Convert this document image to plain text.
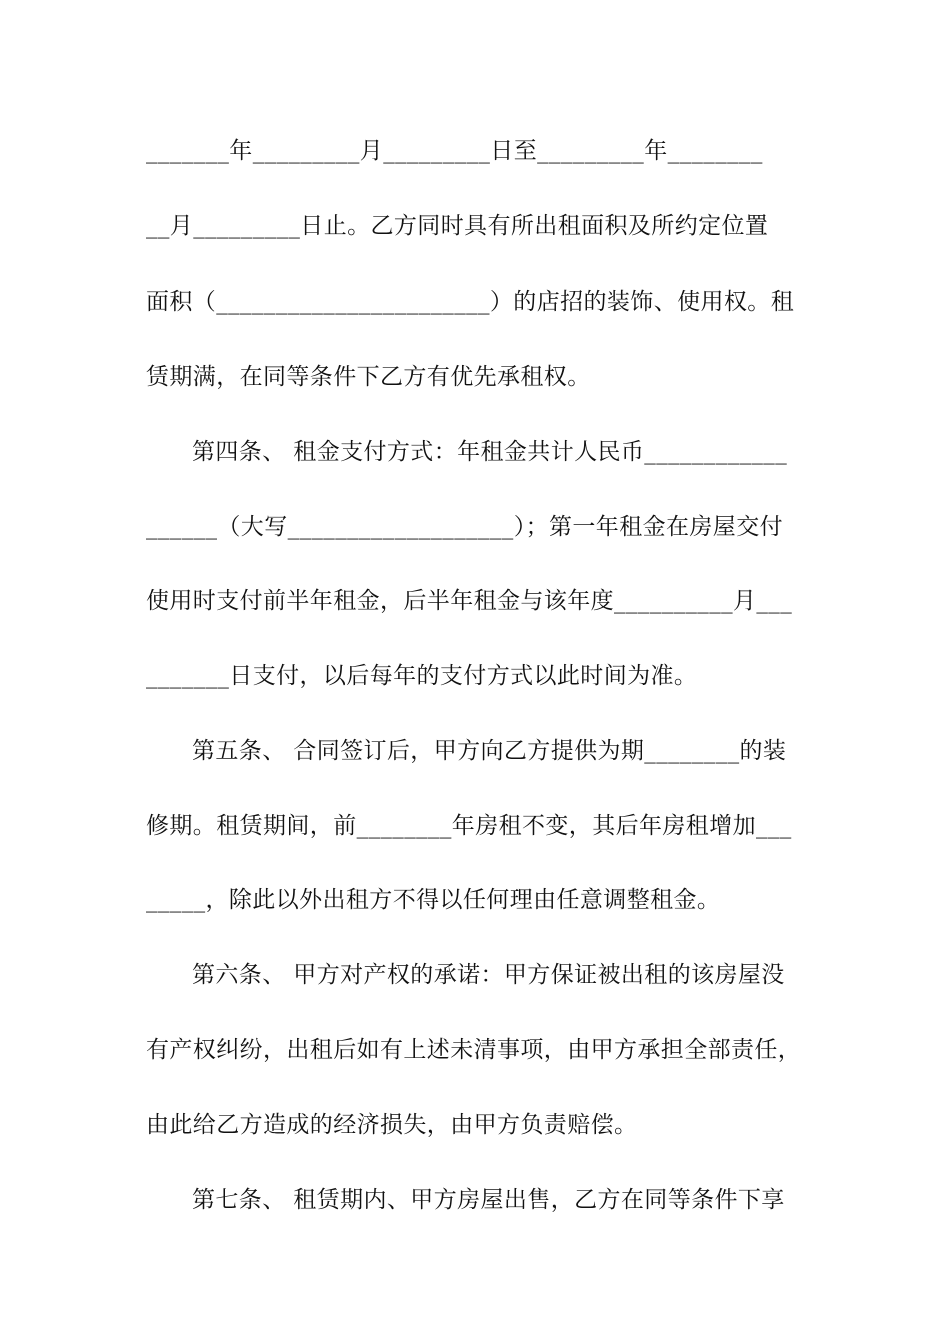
_______年_________月_________日至_________年________
__月_________日止。乙方同时具有所出租面积及所约定位置
面积（_______________________）的店招的装饰、使用权。租
赁期满，在同等条件下乙方有优先承租权。
第四条、 租金支付方式：年租金共计人民币____________
______（大写___________________）；第一年租金在房屋交付
使用时支付前半年租金，后半年租金与该年度__________月___
_______日支付，以后每年的支付方式以此时间为准。
第五条、 合同签订后，甲方向乙方提供为期________的装
修期。租赁期间，前________年房租不变，其后年房租增加___
_____，除此以外出租方不得以任何理由任意调整租金。
第六条、 甲方对产权的承诺：甲方保证被出租的该房屋没
有产权纠纷，出租后如有上述未清事项，由甲方承担全部责任，
由此给乙方造成的经济损失，由甲方负责赔偿。
第七条、 租赁期内、甲方房屋出售，乙方在同等条件下享
